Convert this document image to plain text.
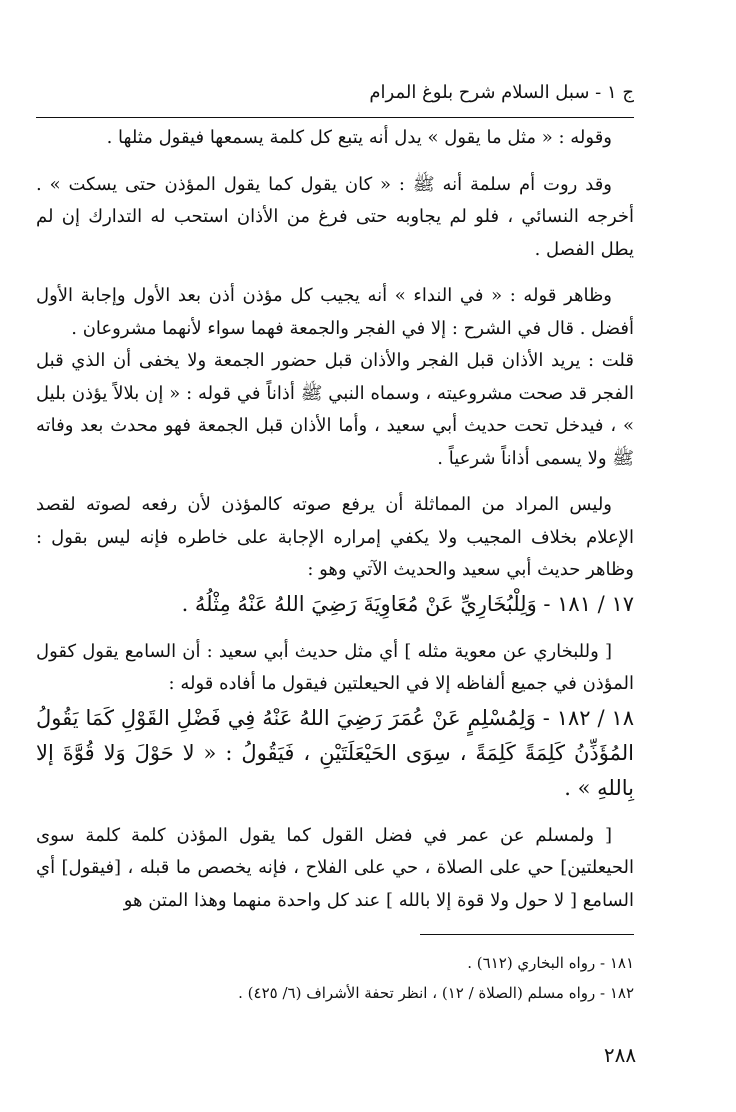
ج ١ - سبل السلام شرح بلوغ المرام

وقوله : « مثل ما يقول » يدل أنه يتبع كل كلمة يسمعها فيقول مثلها .

وقد روت أم سلمة أنه ﷺ : « كان يقول كما يقول المؤذن حتى يسكت » . أخرجه النسائي ، فلو لم يجاوبه حتى فرغ من الأذان استحب له التدارك إن لم يطل الفصل .

وظاهر قوله : « في النداء » أنه يجيب كل مؤذن أذن بعد الأول وإجابة الأول أفضل . قال في الشرح : إلا في الفجر والجمعة فهما سواء لأنهما مشروعان .

قلت : يريد الأذان قبل الفجر والأذان قبل حضور الجمعة ولا يخفى أن الذي قبل الفجر قد صحت مشروعيته ، وسماه النبي ﷺ أذاناً في قوله : « إن بلالاً يؤذن بليل » ، فيدخل تحت حديث أبي سعيد ، وأما الأذان قبل الجمعة فهو محدث بعد وفاته ﷺ ولا يسمى أذاناً شرعياً .

وليس المراد من المماثلة أن يرفع صوته كالمؤذن لأن رفعه لصوته لقصد الإعلام بخلاف المجيب ولا يكفي إمراره الإجابة على خاطره فإنه ليس بقول : وظاهر حديث أبي سعيد والحديث الآتي وهو :

١٧ / ١٨١ - وَلِلْبُخَارِيِّ عَنْ مُعَاوِيَةَ رَضِيَ اللهُ عَنْهُ مِثْلُهُ .

[ وللبخاري عن معوية مثله ] أي مثل حديث أبي سعيد : أن السامع يقول كقول المؤذن في جميع ألفاظه إلا في الحيعلتين فيقول ما أفاده قوله :

١٨ / ١٨٢ - وَلِمُسْلِمٍ عَنْ عُمَرَ رَضِيَ اللهُ عَنْهُ فِي فَضْلِ القَوْلِ كَمَا يَقُولُ المُؤَذِّنُ كَلِمَةً كَلِمَةً ، سِوَى الحَيْعَلَتَيْنِ ، فَيَقُولُ : « لا حَوْلَ وَلا قُوَّةَ إلا بِاللهِ » .

[ ولمسلم عن عمر في فضل القول كما يقول المؤذن كلمة كلمة سوى الحيعلتين] حي على الصلاة ، حي على الفلاح ، فإنه يخصص ما قبله ، [فيقول] أي السامع [ لا حول ولا قوة إلا بالله ] عند كل واحدة منهما وهذا المتن هو

١٨١ - رواه البخاري (٦١٢) .

١٨٢ - رواه مسلم (الصلاة / ١٢) ، انظر تحفة الأشراف (٦/ ٤٢٥) .

٢٨٨
